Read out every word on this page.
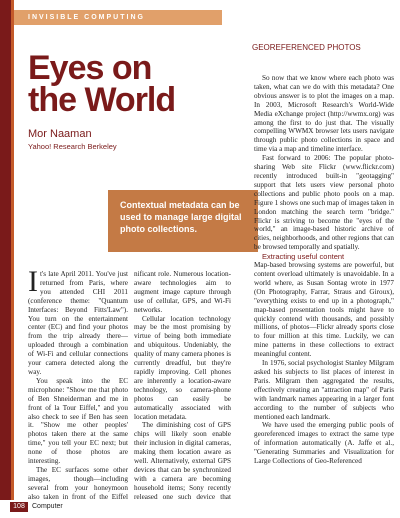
INVISIBLE COMPUTING
Eyes on
the World
Mor Naaman
Yahoo! Research Berkeley
Contextual metadata can be used to manage large digital photo collections.
GEOREFERENCED PHOTOS

It's late April 2011. You've just returned from Paris, where you attended CHI 2011 (conference theme: "Quantum Interfaces: Beyond Fitts'Law"). You turn on the entertainment center (EC) and find your photos from the trip already there—uploaded through a combination of Wi-Fi and cellular connections your camera detected along the way.

You speak into the EC microphone: "Show me that photo of Ben Shneiderman and me in front of la Tour Eiffel," and you also check to see if Ben has seen it. "Show me other peoples' photos taken there at the same time," you tell your EC next; but none of those photos are interesting.

The EC surfaces some other images, though—including several from your honeymoon also taken in front of the Eiffel

nificant role. Numerous location-aware technologies aim to augment image capture through use of cellular, GPS, and Wi-Fi networks.

Cellular location technology may be the most promising by virtue of being both immediate and ubiquitous. Undeniably, the quality of many camera phones is currently dreadful, but they're rapidly improving. Cell phones are inherently a location-aware technology, so camera-phone photos can easily be automatically associated with location metadata.

The diminishing cost of GPS chips will likely soon enable their inclusion in digital cameras, making them location aware as well. Alternatively, external GPS devices that can be synchronized with a camera are becoming household items; Sony recently released one such device that

So now that we know where each photo was taken, what can we do with this metadata? One obvious answer is to plot the images on a map. In 2003, Microsoft Research's World-Wide Media eXchange project (http://wwmx.org) was among the first to do just that. The visually compelling WWMX browser lets users navigate through public photo collections in space and time via a map and timeline interface.

Fast forward to 2006: The popular photo-sharing Web site Flickr (www.flickr.com) recently introduced built-in "geotagging" support that lets users view personal photo collections and public photo pools on a map. Figure 1 shows one such map of images taken in London matching the search term "bridge." Flickr is striving to become the "eyes of the world," an image-based historic archive of cities, neighborhoods, and other regions that can be browsed temporally and spatially.

Extracting useful content

Map-based browsing systems are powerful, but content overload ultimately is unavoidable. In a world where, as Susan Sontag wrote in 1977 (On Photography, Farrar, Straus and Giroux), "everything exists to end up in a photograph," map-based presentation tools might have to quickly contend with thousands, and possibly millions, of photos—Flickr already sports close to four million at this time. Luckily, we can mine patterns in these collections to extract meaningful content.

In 1976, social psychologist Stanley Milgram asked his subjects to list places of interest in Paris. Milgram then aggregated the results, effectively creating an "attraction map" of Paris with landmark names appearing in a larger font according to the number of subjects who mentioned each landmark.

We have used the emerging public pools of georeferenced images to extract the same type of information automatically (A. Jaffe et al., "Generating Summaries and Visualization for Large Collections of Geo-Referenced

108	Computer
